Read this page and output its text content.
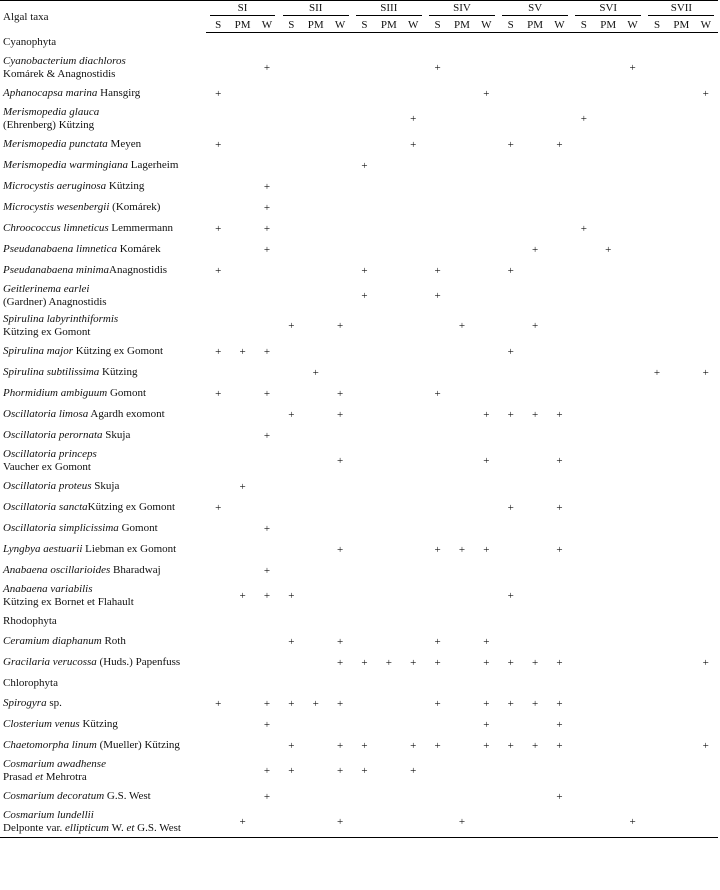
Algal taxa	SI			SII			SIII			SIV			SV			SVI			SVII		
	S	PM	W	S	PM	W	S	PM	W	S	PM	W	S	PM	W	S	PM	W	S	PM	W
Cyanophyta																					
Cyanobacterium diachloros
Komárek & Anagnostidis			+							+								+			
Aphanocapsa marina Hansgirg	+											+									+
Merismopedia glauca
(Ehrenberg) Kützing									+							+					
Merismopedia punctata Meyen	+								+				+		+						
Merismopedia warmingiana Lagerheim							+														
Microcystis aeruginosa Kützing			+																		
Microcystis wesenbergii (Komárek)			+																		
Chroococcus limneticus Lemmermann	+		+													+					
Pseudanabaena limnetica Komárek			+											+			+				
Pseudanabaena minimaAnagnostidis	+						+			+			+								
Geitlerinema earlei
(Gardner) Anagnostidis							+			+											
Spirulina labyrinthiformis
Kützing ex Gomont				+		+					+			+							
Spirulina major Kützing ex Gomont	+	+	+										+								
Spirulina subtilissima Kützing					+														+		+
Phormidium ambiguum Gomont	+		+			+				+											
Oscillatoria limosa Agardh exomont				+		+						+	+	+	+						
Oscillatoria perornata Skuja			+																		
Oscillatoria princeps
Vaucher ex Gomont						+						+			+						
Oscillatoria proteus Skuja		+																			
Oscillatoria sanctaKützing ex Gomont	+												+		+						
Oscillatoria simplicissima Gomont			+																		
Lyngbya aestuarii Liebman ex Gomont						+				+	+	+			+						
Anabaena oscillarioides Bharadwaj			+																		
Anabaena variabilis
Kützing ex Bornet et Flahault		+	+	+									+								
Rhodophyta																					
Ceramium diaphanum Roth				+		+				+		+									
Gracilaria verucossa (Huds.) Papenfuss						+	+	+	+	+		+	+	+	+						+
Chlorophyta																					
Spirogyra sp.	+		+	+	+	+				+		+	+	+	+						
Closterium venus Kützing			+									+			+						
Chaetomorpha linum (Mueller) Kützing				+		+	+		+	+		+	+	+	+						+
Cosmarium awadhense
Prasad et Mehrotra			+	+		+	+		+												
Cosmarium decoratum G.S. West			+												+						
Cosmarium lundellii
Delponte var. ellipticum W. et G.S. West		+				+					+							+			
